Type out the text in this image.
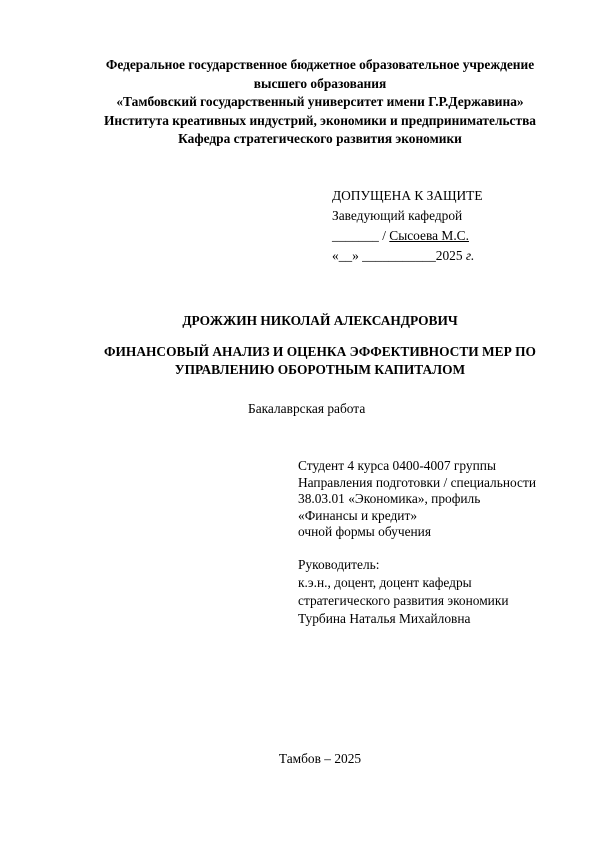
Федеральное государственное бюджетное образовательное учреждение
высшего образования
«Тамбовский государственный университет имени Г.Р.Державина»
Института креативных индустрий, экономики и предпринимательства
Кафедра стратегического развития экономики
ДОПУЩЕНА К ЗАЩИТЕ
Заведующий кафедрой
_______ / Сысоева М.С.
«__» ___________2025 г.
ДРОЖЖИН НИКОЛАЙ АЛЕКСАНДРОВИЧ
ФИНАНСОВЫЙ АНАЛИЗ И ОЦЕНКА ЭФФЕКТИВНОСТИ МЕР ПО
УПРАВЛЕНИЮ ОБОРОТНЫМ КАПИТАЛОМ
Бакалаврская работа
Студент 4 курса 0400-4007 группы
Направления подготовки / специальности
38.03.01 «Экономика», профиль
«Финансы и кредит»
очной формы обучения
Руководитель:
к.э.н., доцент, доцент кафедры
стратегического развития экономики
Турбина Наталья Михайловна
Тамбов – 2025
